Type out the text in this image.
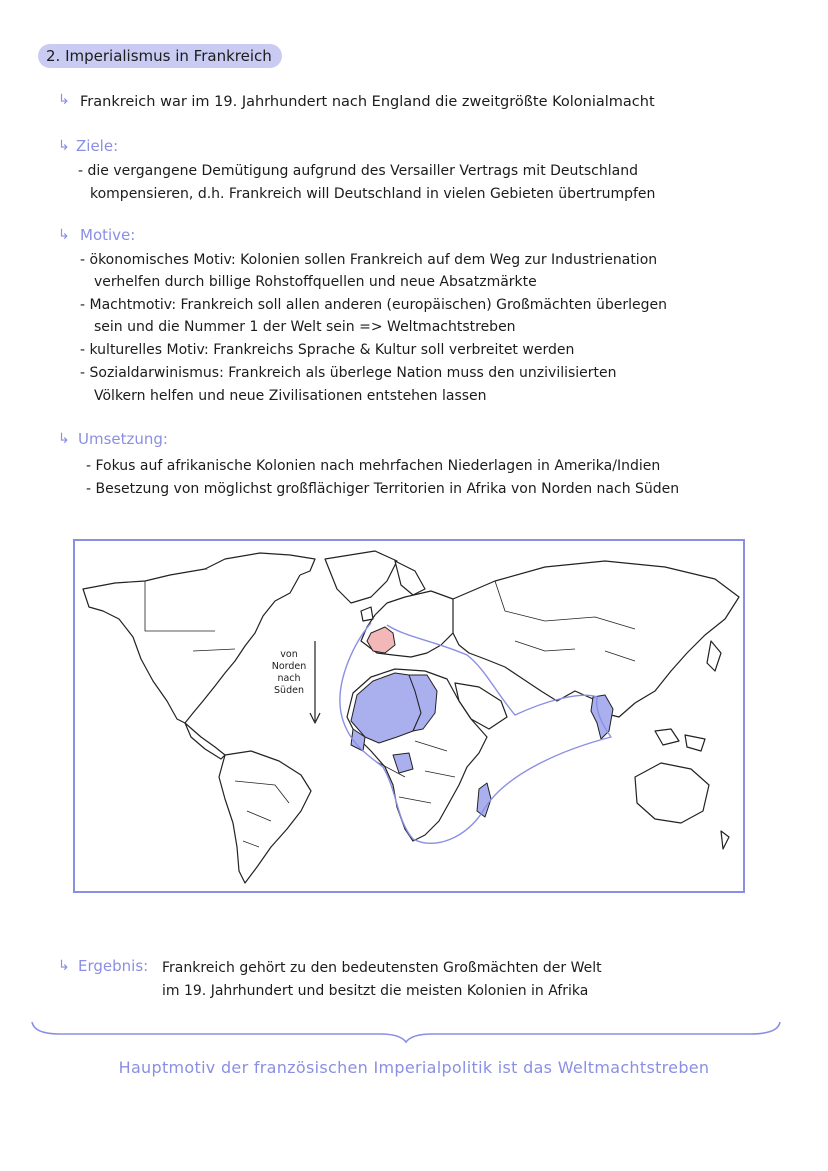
2. Imperialismus in Frankreich
↳ Frankreich war im 19. Jahrhundert nach England die zweitgrößte Kolonialmacht
↳ Ziele:
- die vergangene Demütigung aufgrund des Versailler Vertrags mit Deutschland
kompensieren, d.h. Frankreich will Deutschland in vielen Gebieten übertrumpfen
↳ Motive:
- ökonomisches Motiv: Kolonien sollen Frankreich auf dem Weg zur Industrienation
verhelfen durch billige Rohstoffquellen und neue Absatzmärkte
- Machtmotiv: Frankreich soll allen anderen (europäischen) Großmächten überlegen
sein und die Nummer 1 der Welt sein => Weltmachtstreben
- kulturelles Motiv: Frankreichs Sprache & Kultur soll verbreitet werden
- Sozialdarwinismus: Frankreich als überlege Nation muss den unzivilisierten
Völkern helfen und neue Zivilisationen entstehen lassen
↳ Umsetzung:
- Fokus auf afrikanische Kolonien nach mehrfachen Niederlagen in Amerika/Indien
- Besetzung von möglichst großflächiger Territorien in Afrika von Norden nach Süden
von
Norden
nach
Süden
↳ Ergebnis: Frankreich gehört zu den bedeutensten Großmächten der Welt
im 19. Jahrhundert und besitzt die meisten Kolonien in Afrika
Hauptmotiv der französischen Imperialpolitik ist das Weltmachtstreben
